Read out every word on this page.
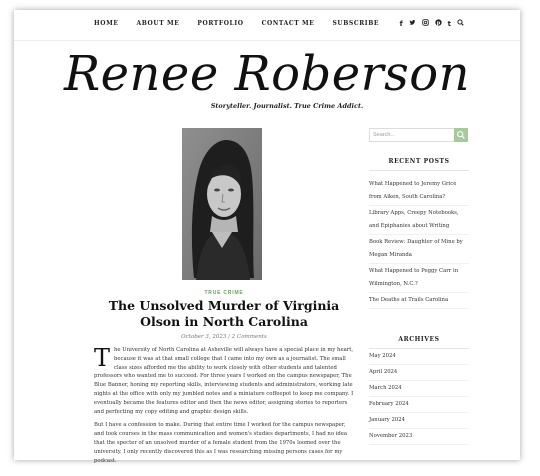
HOME	ABOUT ME	PORTFOLIO	CONTACT ME	SUBSCRIBE	f	p t
Renee Roberson
Storyteller. Journalist. True Crime Addict.
TRUE CRIME
The Unsolved Murder of Virginia Olson in North Carolina
October 3, 2023 / 2 Comments

The University of North Carolina at Asheville will always have a special place in my heart, because it was at that small college that I came into my own as a journalist. The small class sizes afforded me the ability to work closely with other students and talented professors who wanted me to succeed. For three years I worked on the campus newspaper, The Blue Banner, honing my reporting skills, interviewing students and administrators, working late nights at the office with only my jumbled notes and a miniature coffeepot to keep me company. I eventually became the features editor and then the news editor, assigning stories to reporters and perfecting my copy editing and graphic design skills.

But I have a confession to make. During that entire time I worked for the campus newspaper, and took courses in the mass communication and women's studies departments, I had no idea that the specter of an unsolved murder of a female student from the 1970s loomed over the university. I only recently discovered this as I was researching missing persons cases for my podcast.

Search...
RECENT POSTS
What Happened to Jeremy Grice from Aiken, South Carolina?
Library Apps, Creepy Notebooks, and Epiphanies about Writing
Book Review: Daughter of Mine by Megan Miranda
What Happened to Peggy Carr in Wilmington, N.C.?
The Deaths at Trails Carolina
ARCHIVES
May 2024
April 2024
March 2024
February 2024
January 2024
November 2023
